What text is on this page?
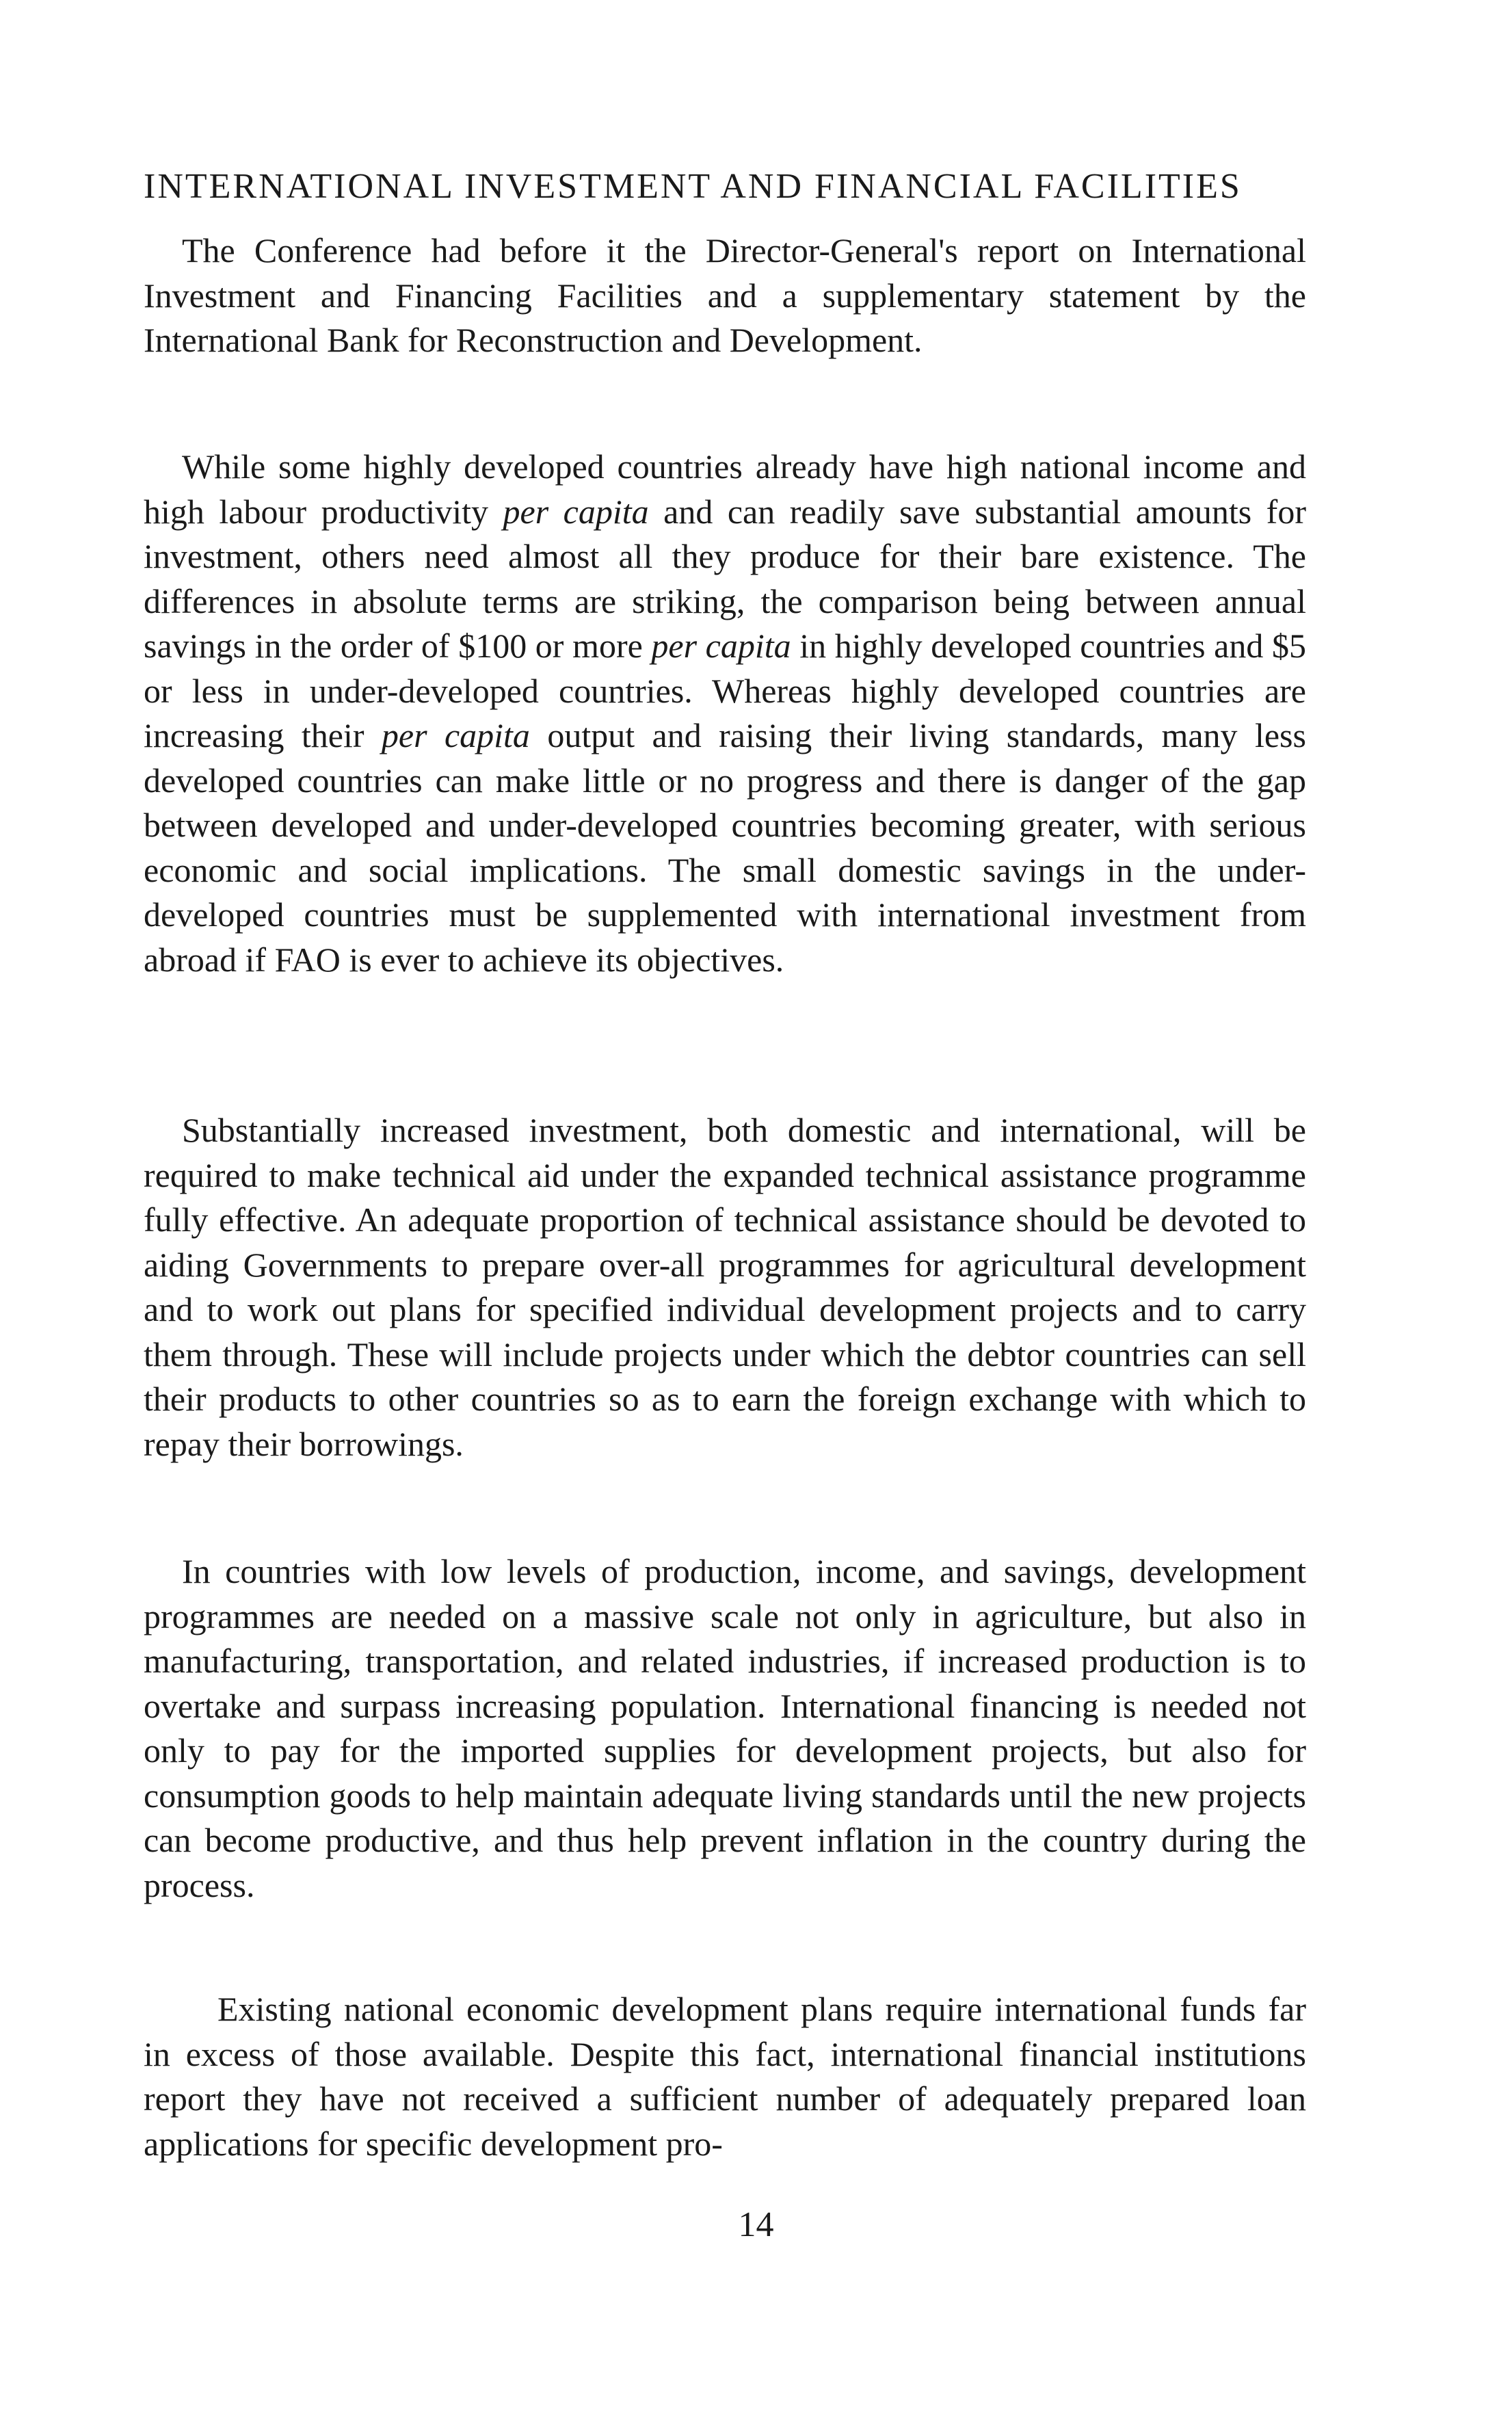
INTERNATIONAL INVESTMENT AND FINANCIAL FACILITIES

The Conference had before it the Director-General's report on International Investment and Financing Facilities and a supplementary statement by the International Bank for Reconstruction and Development.

While some highly developed countries already have high national income and high labour productivity per capita and can readily save substantial amounts for investment, others need almost all they produce for their bare existence. The differences in absolute terms are striking, the comparison being between annual savings in the order of $100 or more per capita in highly developed countries and $5 or less in under-developed countries. Whereas highly developed countries are increasing their per capita output and raising their living standards, many less developed countries can make little or no progress and there is danger of the gap between developed and under-developed countries becoming greater, with serious economic and social implications. The small domestic savings in the under-developed countries must be supplemented with international investment from abroad if FAO is ever to achieve its objectives.

Substantially increased investment, both domestic and international, will be required to make technical aid under the expanded technical assistance programme fully effective. An adequate proportion of technical assistance should be devoted to aiding Governments to prepare over-all programmes for agricultural development and to work out plans for specified individual development projects and to carry them through. These will include projects under which the debtor countries can sell their products to other countries so as to earn the foreign exchange with which to repay their borrowings.

In countries with low levels of production, income, and savings, development programmes are needed on a massive scale not only in agriculture, but also in manufacturing, transportation, and related industries, if increased production is to overtake and surpass increasing population. International financing is needed not only to pay for the imported supplies for development projects, but also for consumption goods to help maintain adequate living standards until the new projects can become productive, and thus help prevent inflation in the country during the process.

Existing national economic development plans require international funds far in excess of those available. Despite this fact, international financial institutions report they have not received a sufficient number of adequately prepared loan applications for specific development pro-

14
